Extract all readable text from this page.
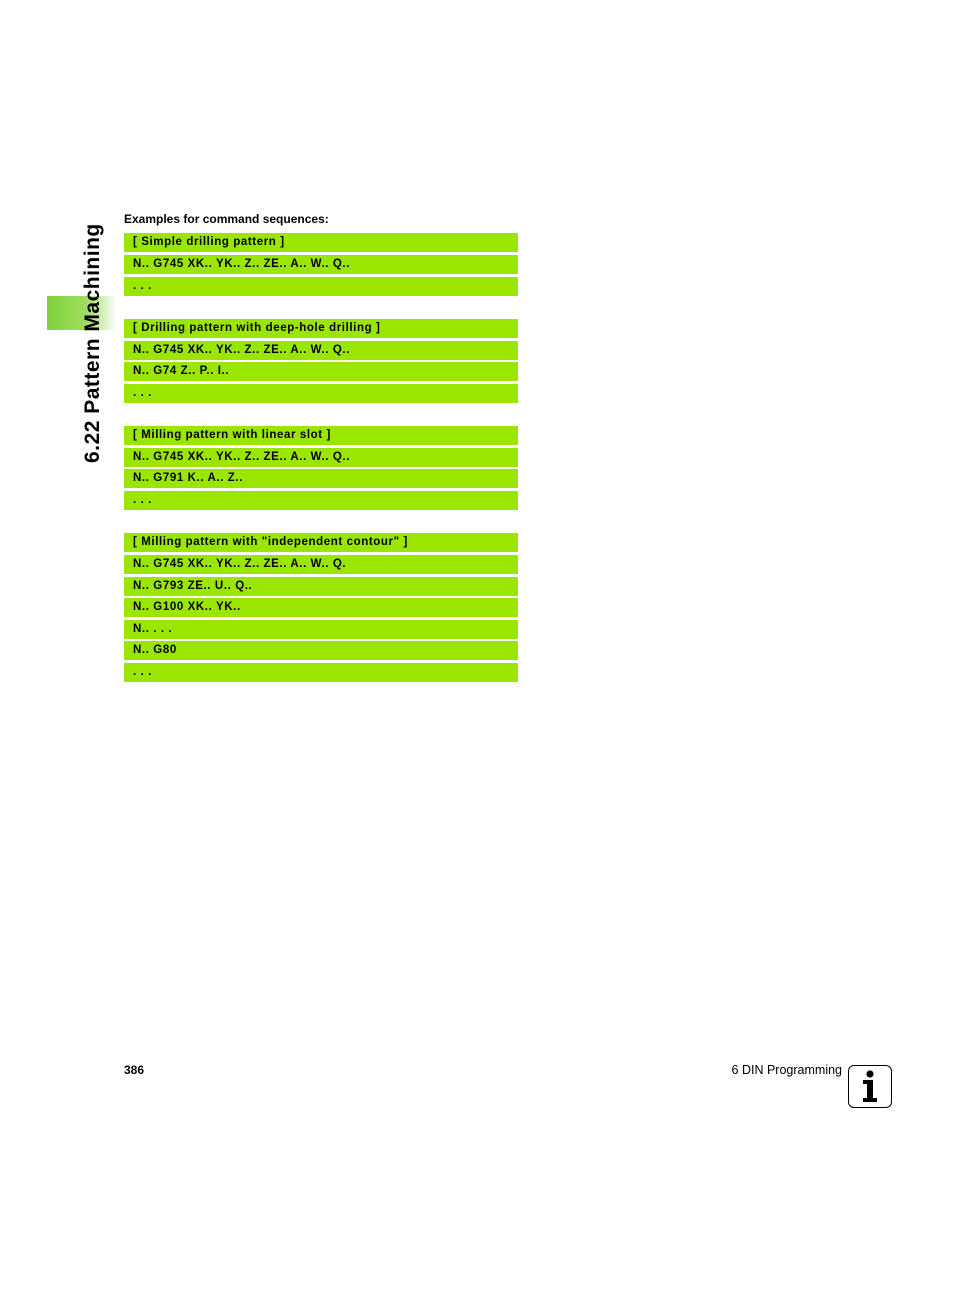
6.22 Pattern Machining
Examples for command sequences:
[ Simple drilling pattern ]
N.. G745 XK.. YK.. Z.. ZE.. A.. W.. Q..
. . .
[ Drilling pattern with deep-hole drilling ]
N.. G745 XK.. YK.. Z.. ZE.. A.. W.. Q..
N.. G74 Z.. P.. I..
. . .
[ Milling pattern with linear slot ]
N.. G745 XK.. YK.. Z.. ZE.. A.. W.. Q..
N.. G791 K.. A.. Z..
. . .
[ Milling pattern with "independent contour" ]
N.. G745 XK.. YK.. Z.. ZE.. A.. W.. Q.
N.. G793 ZE.. U.. Q..
N.. G100 XK.. YK..
N.. . . .
N.. G80
. . .
386	6 DIN Programming
